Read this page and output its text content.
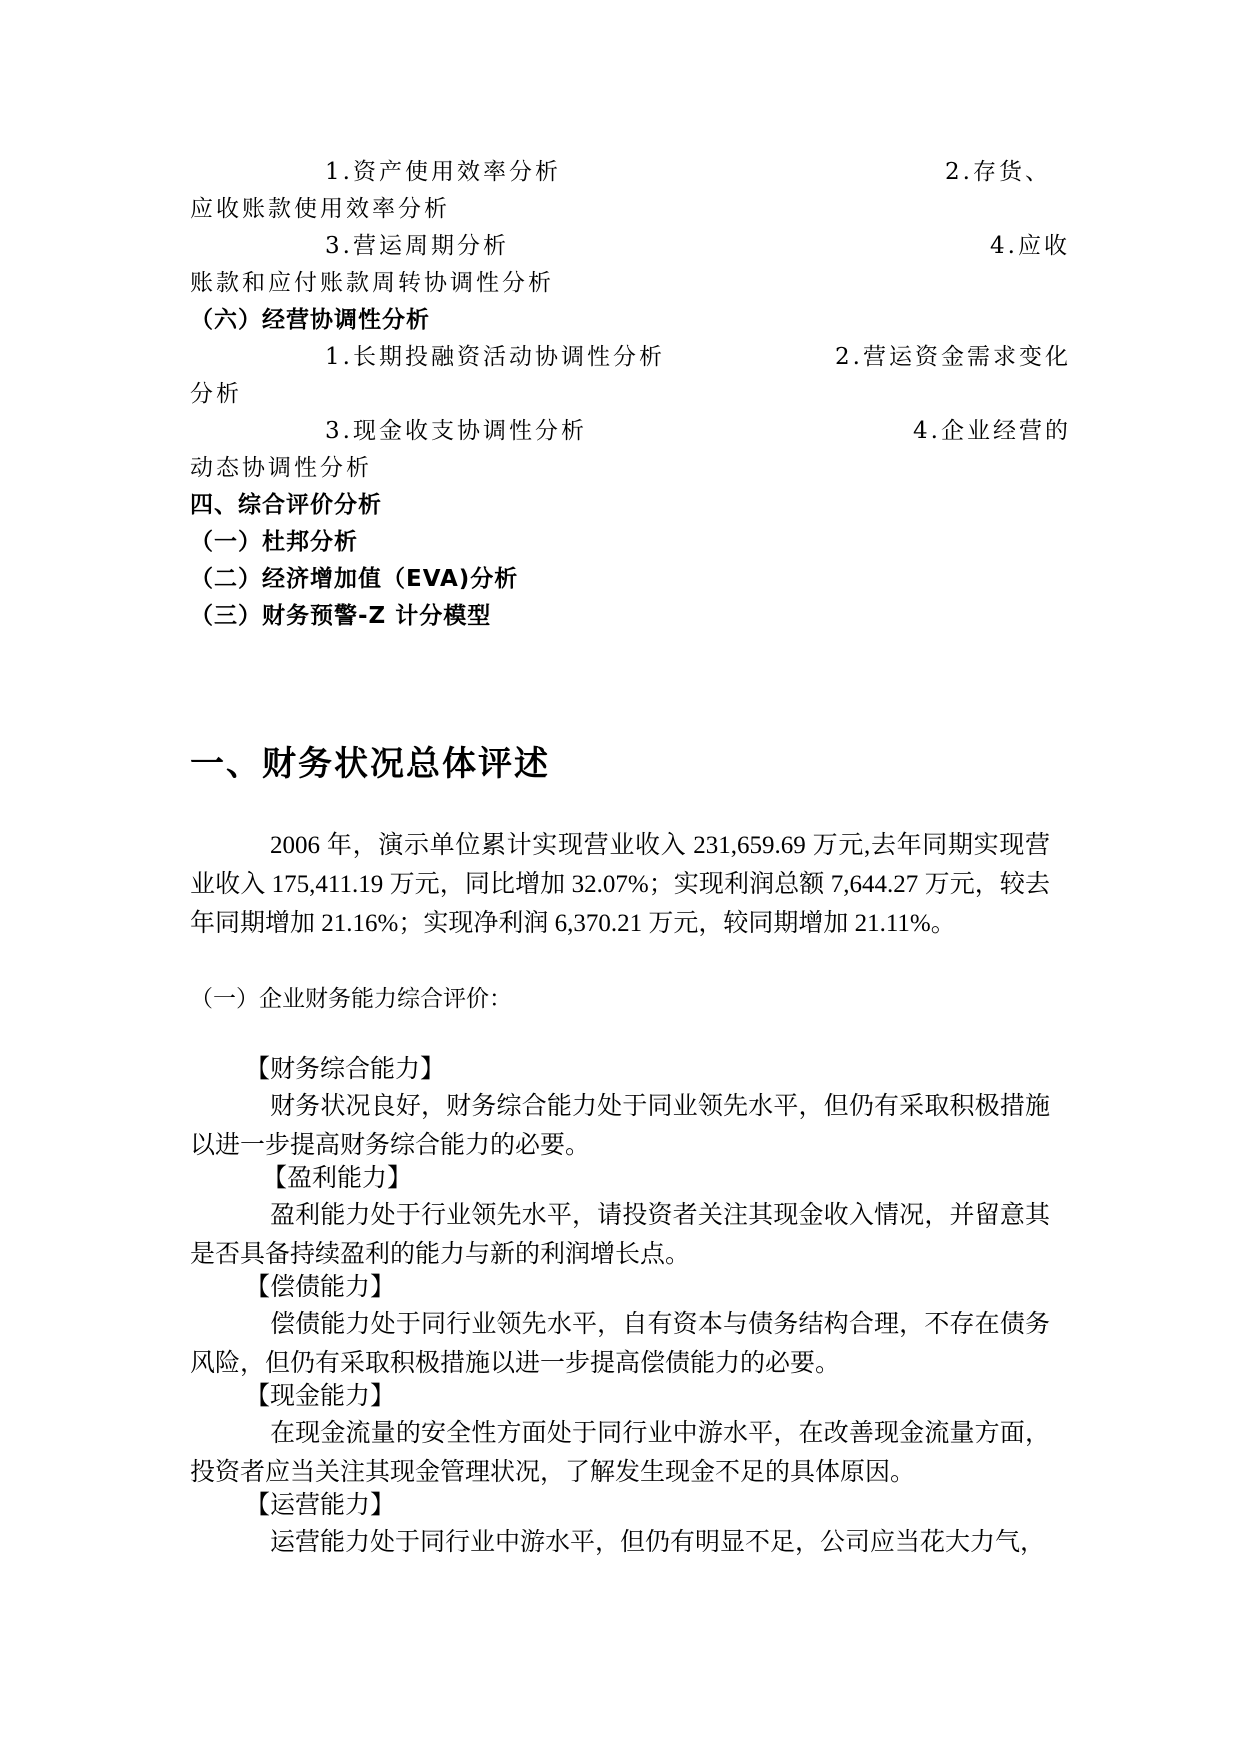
1.资产使用效率分析	2.存货、
应收账款使用效率分析
3.营运周期分析	4.应收
账款和应付账款周转协调性分析
（六）经营协调性分析
1.长期投融资活动协调性分析	2.营运资金需求变化
分析
3.现金收支协调性分析	4.企业经营的
动态协调性分析
四、综合评价分析
（一）杜邦分析
（二）经济增加值（EVA)分析
（三）财务预警-Z 计分模型
一、财务状况总体评述
2006 年，演示单位累计实现营业收入 231,659.69 万元,去年同期实现营业收入 175,411.19 万元，同比增加 32.07%；实现利润总额 7,644.27 万元，较去年同期增加 21.16%；实现净利润 6,370.21 万元，较同期增加 21.11%。
（一）企业财务能力综合评价：
【财务综合能力】
财务状况良好，财务综合能力处于同业领先水平，但仍有采取积极措施以进一步提高财务综合能力的必要。
【盈利能力】
盈利能力处于行业领先水平，请投资者关注其现金收入情况，并留意其是否具备持续盈利的能力与新的利润增长点。
【偿债能力】
偿债能力处于同行业领先水平，自有资本与债务结构合理，不存在债务风险，但仍有采取积极措施以进一步提高偿债能力的必要。
【现金能力】
在现金流量的安全性方面处于同行业中游水平，在改善现金流量方面，投资者应当关注其现金管理状况，了解发生现金不足的具体原因。
【运营能力】
运营能力处于同行业中游水平，但仍有明显不足，公司应当花大力气，
